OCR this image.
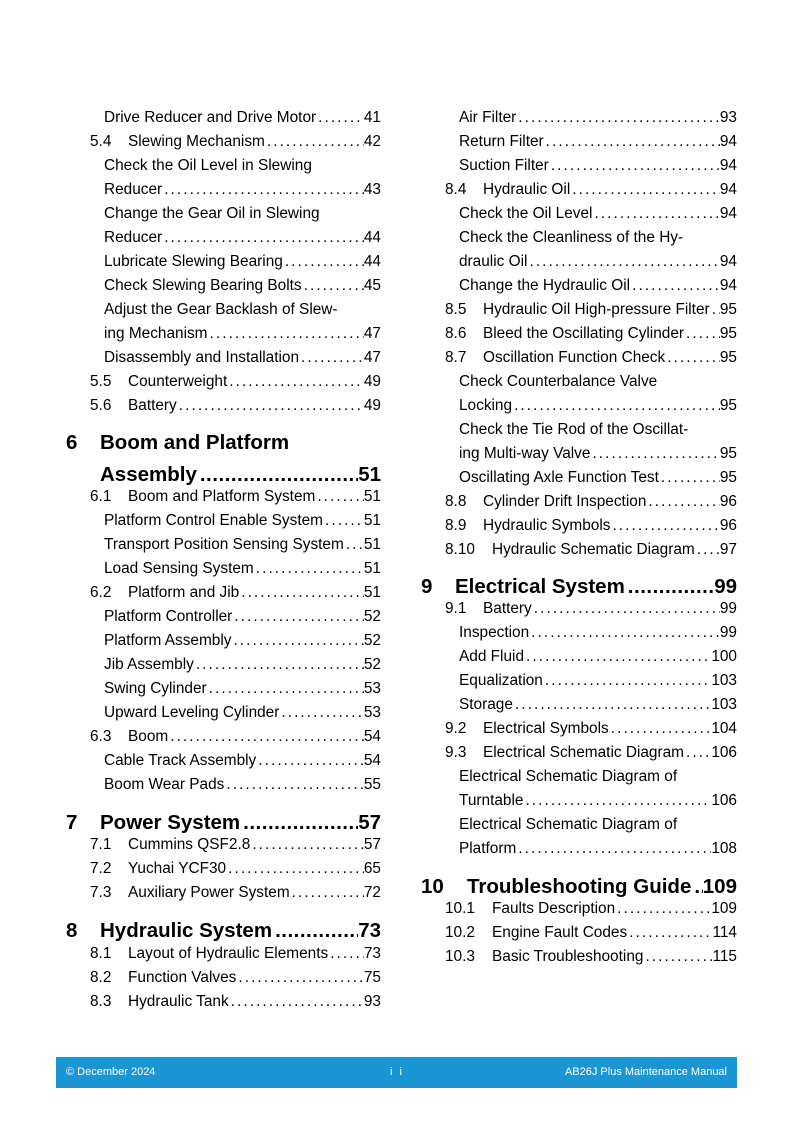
Drive Reducer and Drive Motor . . .	41
5.4	Slewing Mechanism . . .	42
Check the Oil Level in Slewing
Reducer . . .	43
Change the Gear Oil in Slewing
Reducer . . .	44
Lubricate Slewing Bearing . . .	44
Check Slewing Bearing Bolts . . .	45
Adjust the Gear Backlash of Slew-
ing Mechanism . . .	47
Disassembly and Installation . . .	47
5.5	Counterweight . . .	49
5.6	Battery . . .	49
6 Boom and Platform
Assembly .....	51
6.1	Boom and Platform System . . .	51
Platform Control Enable System . . .	51
Transport Position Sensing System . . . 51
Load Sensing System . . .	51
6.2	Platform and Jib . . .	51
Platform Controller . . .	52
Platform Assembly . . .	52
Jib Assembly . . .	52
Swing Cylinder . . .	53
Upward Leveling Cylinder . . .	53
6.3	Boom . . .	54
Cable Track Assembly . . .	54
Boom Wear Pads . . .	55
7 Power System .....	57
7.1	Cummins QSF2.8 . . .	57
7.2	Yuchai YCF30 . . .	65
7.3	Auxiliary Power System . . .	72
8 Hydraulic System .....	73
8.1	Layout of Hydraulic Elements . . . 73
8.2	Function Valves . . .	75
8.3	Hydraulic Tank . . .	93
Air Filter . . .	93
Return Filter . . .	94
Suction Filter . . .	94
8.4	Hydraulic Oil . . .	94
Check the Oil Level . . .	94
Check the Cleanliness of the Hy-
draulic Oil . . .	94
Change the Hydraulic Oil . . .	94
8.5	Hydraulic Oil High-pressure Filter . . . 95
8.6	Bleed the Oscillating Cylinder . . . 95
8.7	Oscillation Function Check . . .	95
Check Counterbalance Valve
Locking . . .	95
Check the Tie Rod of the Oscillat-
ing Multi-way Valve . . .	95
Oscillating Axle Function Test . . .	95
8.8	Cylinder Drift Inspection . . .	96
8.9	Hydraulic Symbols . . .	96
8.10	Hydraulic Schematic Diagram . . . 97
9 Electrical System .....	99
9.1	Battery . . .	99
Inspection . . .	99
Add Fluid . . .	100
Equalization . . .	103
Storage . . .	103
9.2	Electrical Symbols . . .	104
9.3	Electrical Schematic Diagram . . . 106
Electrical Schematic Diagram of
Turntable . . .	106
Electrical Schematic Diagram of
Platform . . .	108
10 Troubleshooting Guide ..... 109
10.1	Faults Description . . .	109
10.2	Engine Fault Codes . . .	114
10.3	Basic Troubleshooting . . .	115
© December 2024	i i	AB26J Plus Maintenance Manual
